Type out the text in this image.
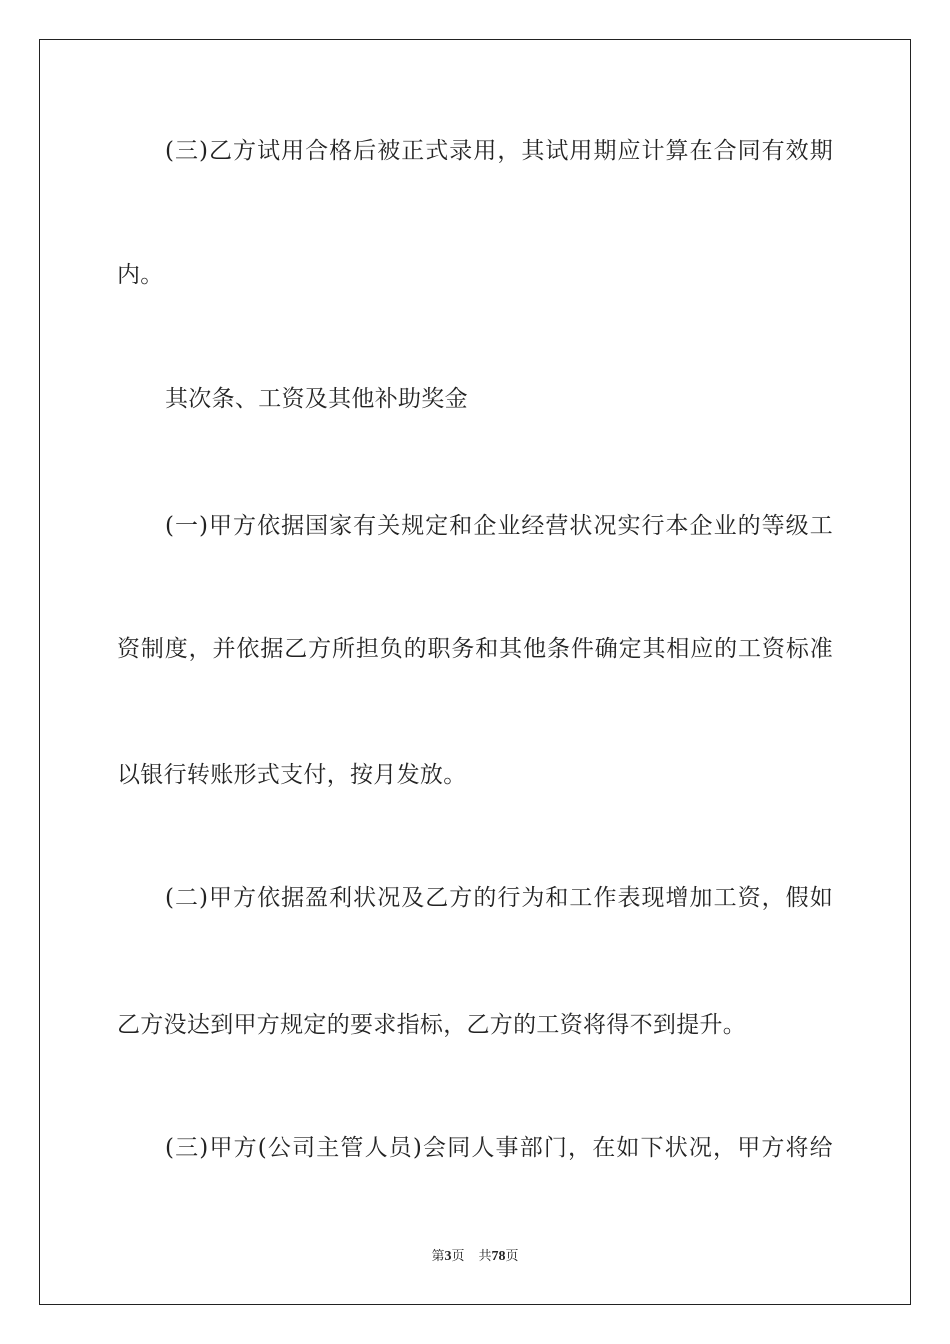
(三)乙方试用合格后被正式录用，其试用期应计算在合同有效期
内。
其次条、工资及其他补助奖金
(一)甲方依据国家有关规定和企业经营状况实行本企业的等级工
资制度，并依据乙方所担负的职务和其他条件确定其相应的工资标准
以银行转账形式支付，按月发放。
(二)甲方依据盈利状况及乙方的行为和工作表现增加工资，假如
乙方没达到甲方规定的要求指标，乙方的工资将得不到提升。
(三)甲方(公司主管人员)会同人事部门，在如下状况，甲方将给
第3页 共78页
